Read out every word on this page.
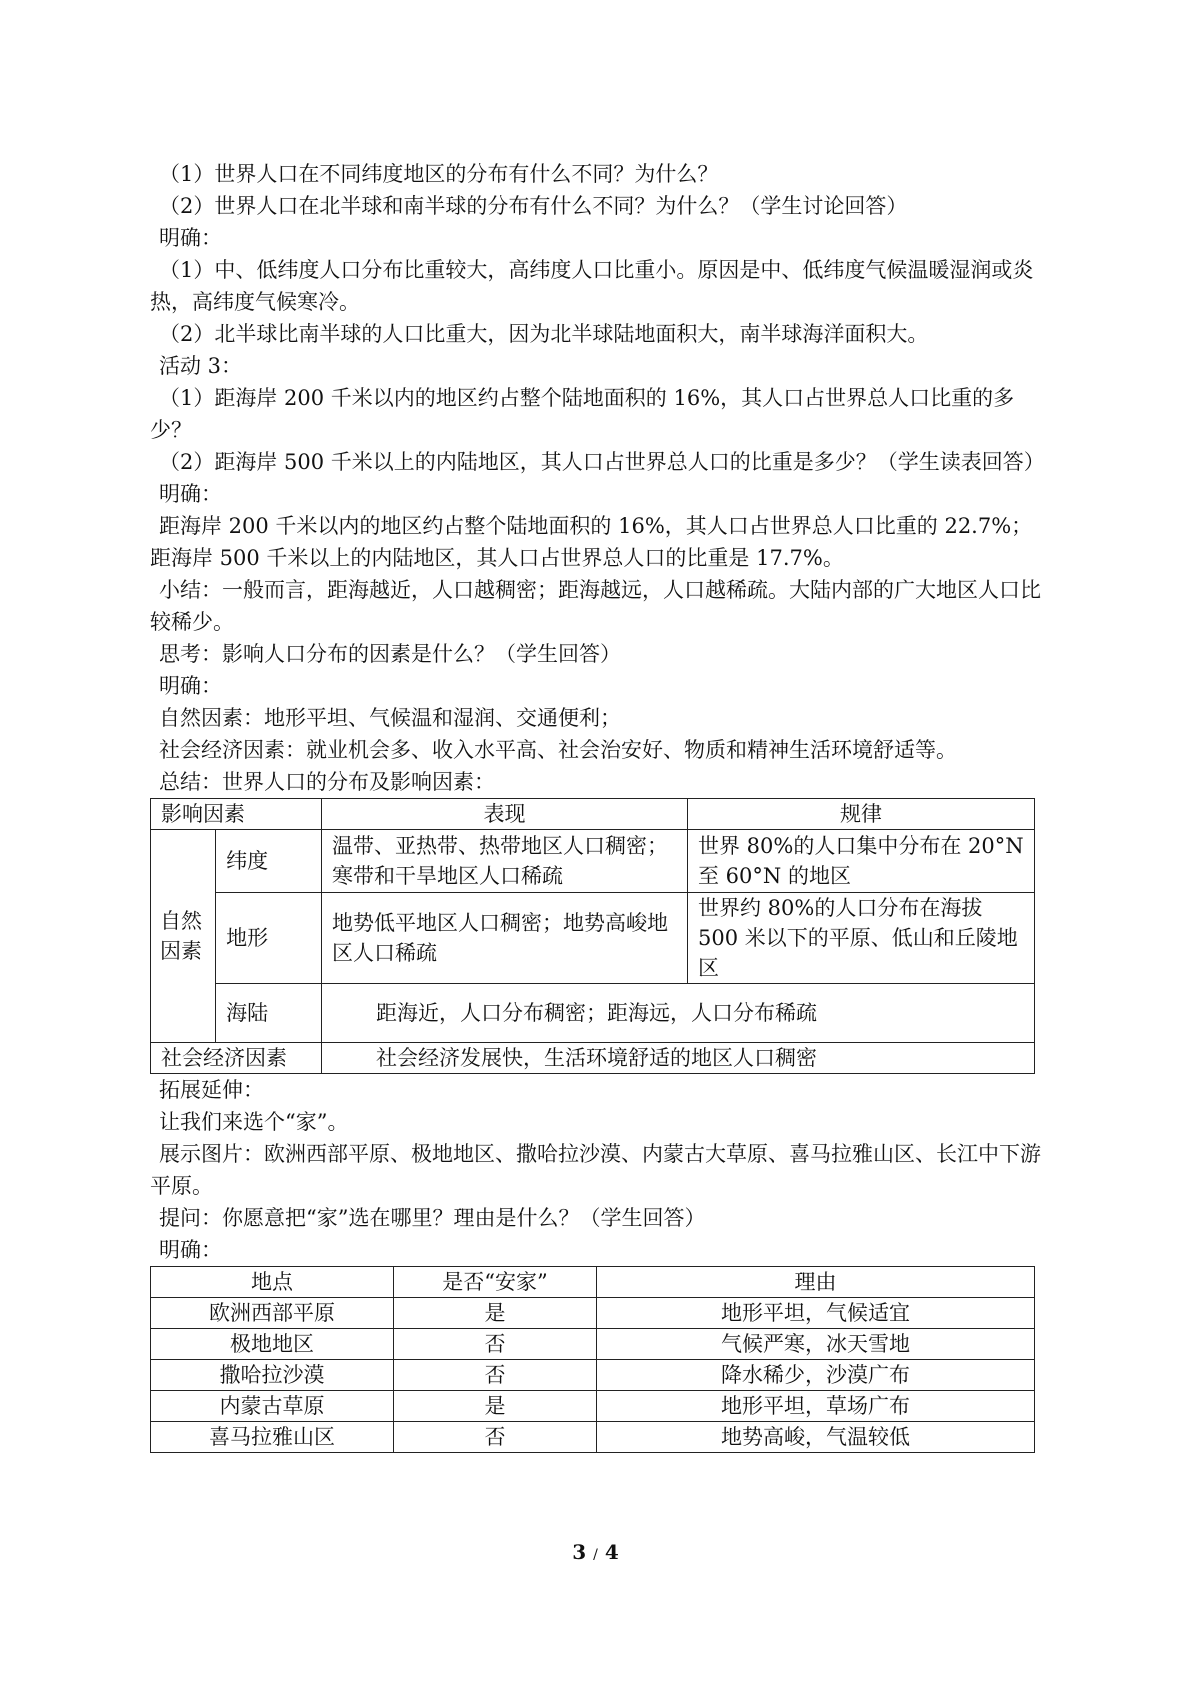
（1）世界人口在不同纬度地区的分布有什么不同？为什么？

（2）世界人口在北半球和南半球的分布有什么不同？为什么？（学生讨论回答）

明确：

（1）中、低纬度人口分布比重较大，高纬度人口比重小。原因是中、低纬度气候温暖湿润或炎热，高纬度气候寒冷。

（2）北半球比南半球的人口比重大，因为北半球陆地面积大，南半球海洋面积大。

活动 3：

（1）距海岸 200 千米以内的地区约占整个陆地面积的 16%，其人口占世界总人口比重的多少？

（2）距海岸 500 千米以上的内陆地区，其人口占世界总人口的比重是多少？（学生读表回答）

明确：

距海岸 200 千米以内的地区约占整个陆地面积的 16%，其人口占世界总人口比重的 22.7%；距海岸 500 千米以上的内陆地区，其人口占世界总人口的比重是 17.7%。

小结：一般而言，距海越近，人口越稠密；距海越远，人口越稀疏。大陆内部的广大地区人口比较稀少。

思考：影响人口分布的因素是什么？（学生回答）

明确：

自然因素：地形平坦、气候温和湿润、交通便利；

社会经济因素：就业机会多、收入水平高、社会治安好、物质和精神生活环境舒适等。

总结：世界人口的分布及影响因素：

影响因素		表现	规律
自然因素	纬度	温带、亚热带、热带地区人口稠密；寒带和干旱地区人口稀疏	世界 80%的人口集中分布在 20°N 至 60°N 的地区
	地形	地势低平地区人口稠密；地势高峻地区人口稀疏	世界约 80%的人口分布在海拔 500 米以下的平原、低山和丘陵地区
	海陆	距海近，人口分布稠密；距海远，人口分布稀疏	
社会经济因素		社会经济发展快，生活环境舒适的地区人口稠密	

拓展延伸：

让我们来选个“家”。

展示图片：欧洲西部平原、极地地区、撒哈拉沙漠、内蒙古大草原、喜马拉雅山区、长江中下游平原。

提问：你愿意把“家”选在哪里？理由是什么？（学生回答）

明确：

地点	是否“安家”	理由
欧洲西部平原	是	地形平坦，气候适宜
极地地区	否	气候严寒，冰天雪地
撒哈拉沙漠	否	降水稀少，沙漠广布
内蒙古草原	是	地形平坦，草场广布
喜马拉雅山区	否	地势高峻，气温较低
3 / 4
